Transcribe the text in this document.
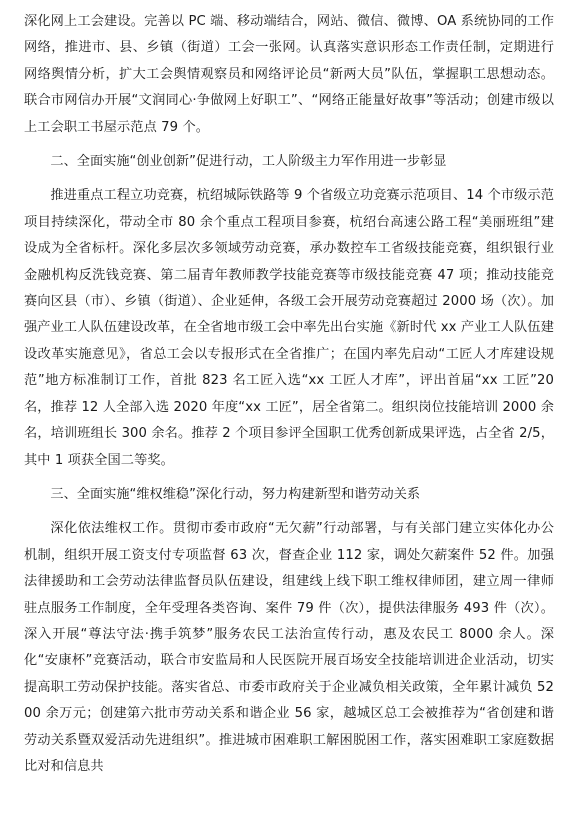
深化网上工会建设。完善以 PC 端、移动端结合，网站、微信、微博、OA 系统协同的工作网络，推进市、县、乡镇（街道）工会一张网。认真落实意识形态工作责任制，定期进行网络舆情分析，扩大工会舆情观察员和网络评论员“新两大员”队伍，掌握职工思想动态。联合市网信办开展“文润同心·争做网上好职工”、“网络正能量好故事”等活动；创建市级以上工会职工书屋示范点 79 个。

二、全面实施“创业创新”促进行动，工人阶级主力军作用进一步彰显

推进重点工程立功竞赛，杭绍城际铁路等 9 个省级立功竞赛示范项目、14 个市级示范项目持续深化，带动全市 80 余个重点工程项目参赛，杭绍台高速公路工程“美丽班组”建设成为全省标杆。深化多层次多领域劳动竞赛，承办数控车工省级技能竞赛，组织银行业金融机构反洗钱竞赛、第二届青年教师教学技能竞赛等市级技能竞赛 47 项；推动技能竞赛向区县（市）、乡镇（街道）、企业延伸，各级工会开展劳动竞赛超过 2000 场（次）。加强产业工人队伍建设改革，在全省地市级工会中率先出台实施《新时代 xx 产业工人队伍建设改革实施意见》，省总工会以专报形式在全省推广；在国内率先启动“工匠人才库建设规范”地方标准制订工作，首批 823 名工匠入选“xx 工匠人才库”，评出首届“xx 工匠”20 名，推荐 12 人全部入选 2020 年度“xx 工匠”，居全省第二。组织岗位技能培训 2000 余名，培训班组长 300 余名。推荐 2 个项目参评全国职工优秀创新成果评选，占全省 2/5，其中 1 项获全国二等奖。

三、全面实施“维权维稳”深化行动，努力构建新型和谐劳动关系

深化依法维权工作。贯彻市委市政府“无欠薪”行动部署，与有关部门建立实体化办公机制，组织开展工资支付专项监督 63 次，督查企业 112 家，调处欠薪案件 52 件。加强法律援助和工会劳动法律监督员队伍建设，组建线上线下职工维权律师团，建立周一律师驻点服务工作制度，全年受理各类咨询、案件 79 件（次），提供法律服务 493 件（次）。深入开展“尊法守法·携手筑梦”服务农民工法治宣传行动，惠及农民工 8000 余人。深化“安康杯”竞赛活动，联合市安监局和人民医院开展百场安全技能培训进企业活动，切实提高职工劳动保护技能。落实省总、市委市政府关于企业减负相关政策，全年累计减负 5200 余万元；创建第六批市劳动关系和谐企业 56 家，越城区总工会被推荐为“省创建和谐劳动关系暨双爱活动先进组织”。推进城市困难职工解困脱困工作，落实困难职工家庭数据比对和信息共
